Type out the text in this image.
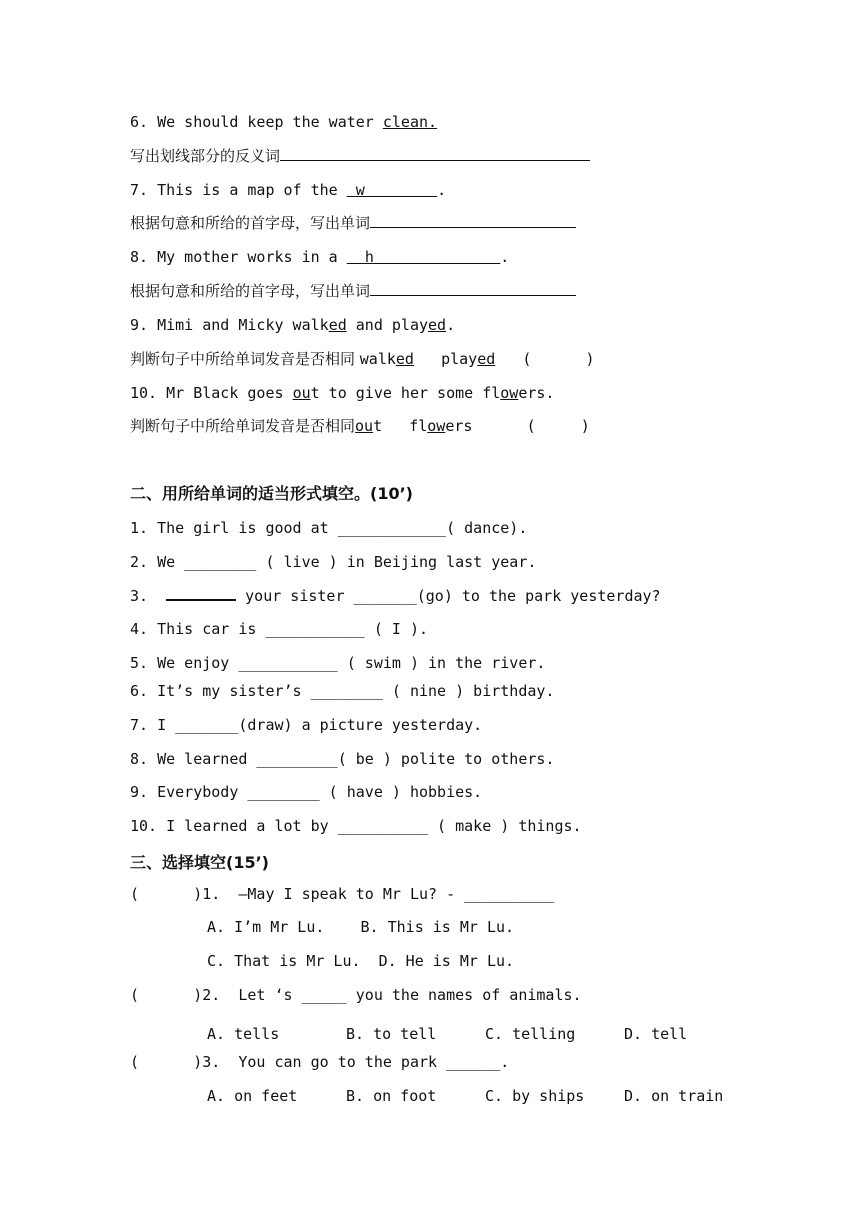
6. We should keep the water clean.
写出划线部分的反义词
7. This is a map of the  w	.
根据句意和所给的首字母，写出单词
8. My mother works in a   h	.
根据句意和所给的首字母，写出单词
9. Mimi and Micky walked and played.
判断句子中所给单词发音是否相同 walked played (      )
10. Mr Black goes out to give her some flowers.
判断句子中所给单词发音是否相同out flowers	(     )
二、用所给单词的适当形式填空。(10’)
1. The girl is good at ____________( dance).
2. We ________ ( live ) in Beijing last year.
3.	your sister _______(go) to the park yesterday?
4. This car is ___________ ( I ).
5. We enjoy ___________ ( swim ) in the river.
6. It’s my sister’s ________ ( nine ) birthday.
7. I _______(draw) a picture yesterday.
8. We learned _________( be ) polite to others.
9. Everybody ________ ( have ) hobbies.
10. I learned a lot by __________ ( make ) things.
三、选择填空(15’)
(      )1.  –May I speak to Mr Lu? - __________
A. I’m Mr Lu.    B. This is Mr Lu.
C. That is Mr Lu.  D. He is Mr Lu.
(      )2.  Let ‘s _____ you the names of animals.
A. tells	B. to tell	C. telling	D. tell
(      )3.  You can go to the park ______.
A. on feet	B. on foot	C. by ships	D. on train
